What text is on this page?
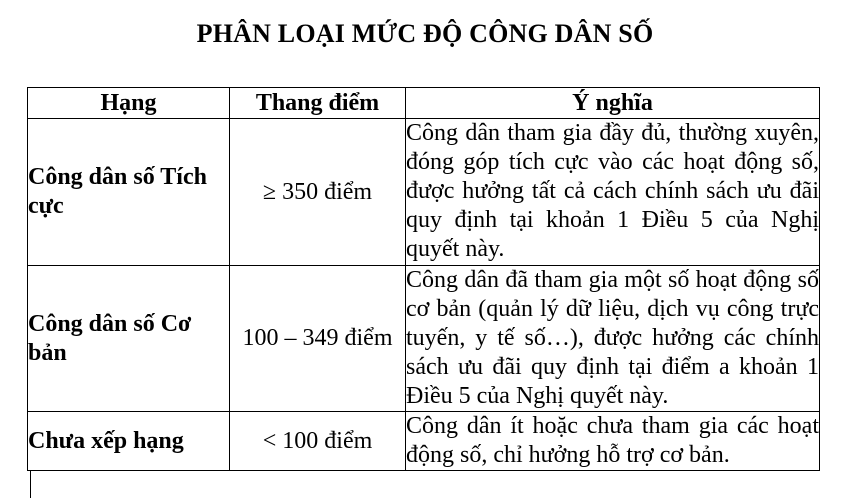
PHÂN LOẠI MỨC ĐỘ CÔNG DÂN SỐ
Hạng	Thang điểm	Ý nghĩa
Công dân số Tích cực	≥ 350 điểm	Công dân tham gia đầy đủ, thường xuyên, đóng góp tích cực vào các hoạt động số, được hưởng tất cả cách chính sách ưu đãi quy định tại khoản 1 Điều 5 của Nghị quyết này.
Công dân số Cơ bản	100 – 349 điểm	Công dân đã tham gia một số hoạt động số cơ bản (quản lý dữ liệu, dịch vụ công trực tuyến, y tế số…), được hưởng các chính sách ưu đãi quy định tại điểm a khoản 1 Điều 5 của Nghị quyết này.
Chưa xếp hạng	< 100 điểm	Công dân ít hoặc chưa tham gia các hoạt động số, chỉ hưởng hỗ trợ cơ bản.
